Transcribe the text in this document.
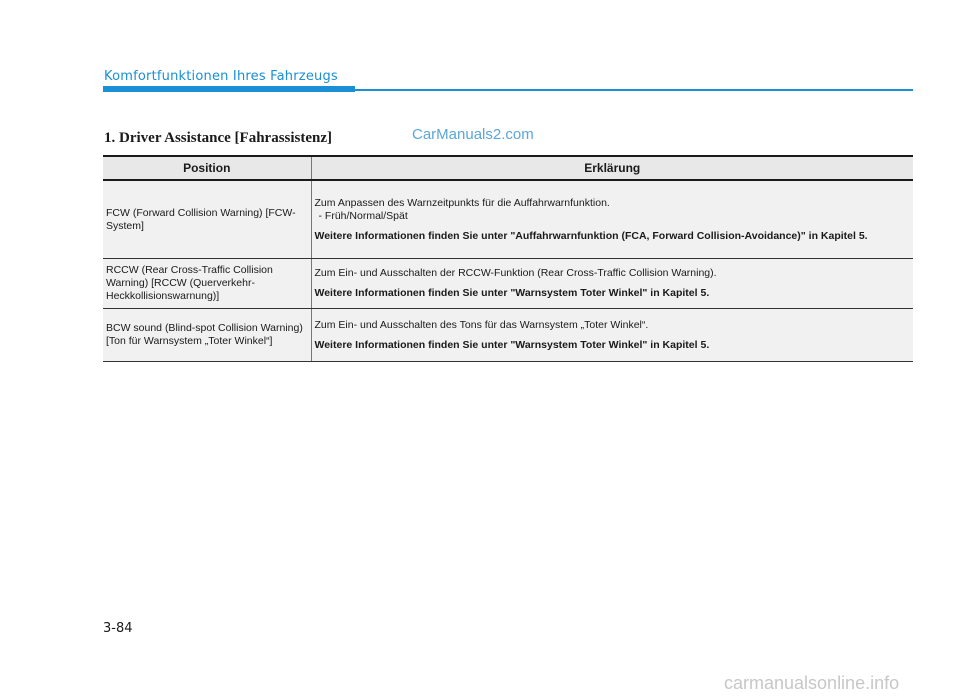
Komfortfunktionen Ihres Fahrzeugs
1. Driver Assistance [Fahrassistenz]	CarManuals2.com
Position	Erklärung
FCW (Forward Collision Warning) [FCW-System]	Zum Anpassen des Warnzeitpunkts für die Auffahrwarnfunktion.

- Früh/Normal/Spät

Weitere Informationen finden Sie unter "Auffahrwarnfunktion (FCA, Forward Collision-Avoidance)" in Kapitel 5.

RCCW (Rear Cross-Traffic Collision Warning) [RCCW (Querverkehr-Heckkollisionswarnung)]	Zum Ein- und Ausschalten der RCCW-Funktion (Rear Cross-Traffic Collision Warning).

Weitere Informationen finden Sie unter "Warnsystem Toter Winkel" in Kapitel 5.

BCW sound (Blind-spot Collision Warning) [Ton für Warnsystem „Toter Winkel“]	Zum Ein- und Ausschalten des Tons für das Warnsystem „Toter Winkel“.

Weitere Informationen finden Sie unter "Warnsystem Toter Winkel" in Kapitel 5.

3-84
carmanualsonline.info
